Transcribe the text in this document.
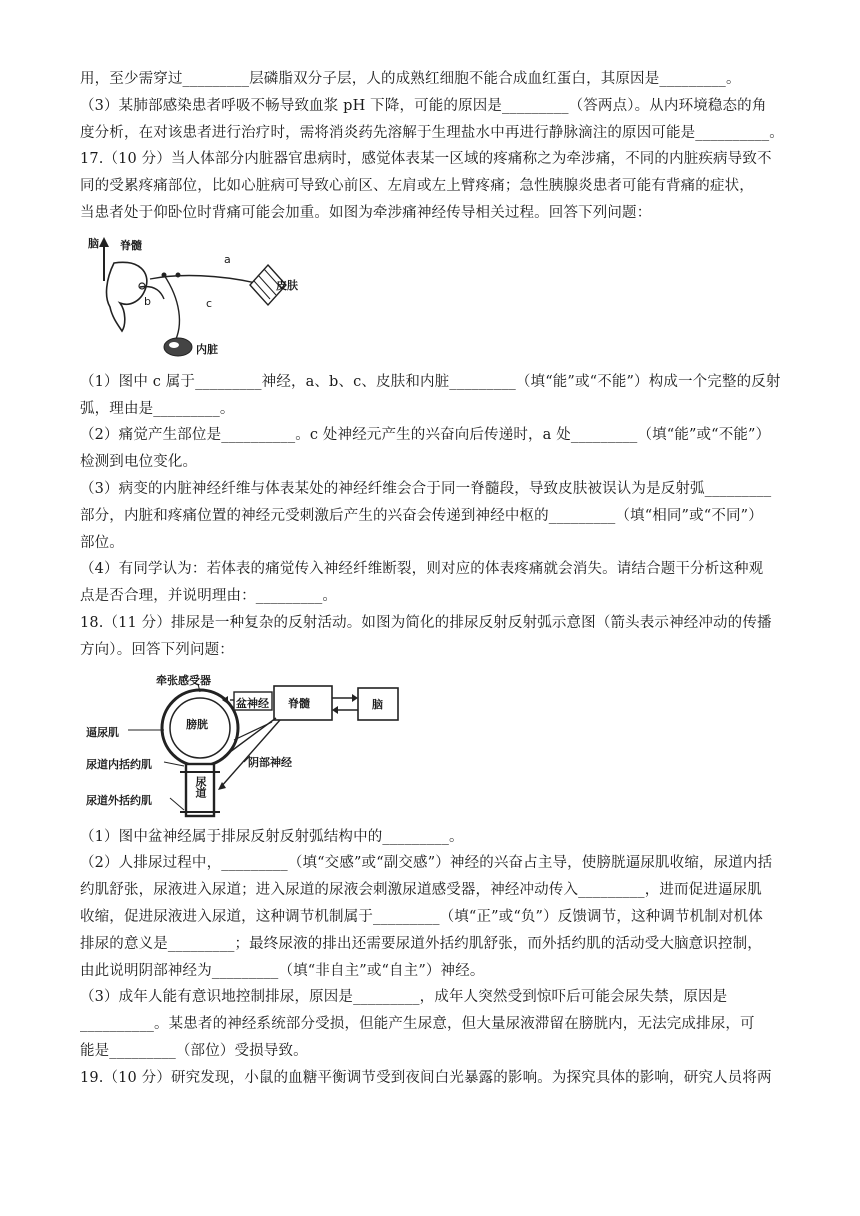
用，至少需穿过_________层磷脂双分子层，人的成熟红细胞不能合成血红蛋白，其原因是_________。
（3）某肺部感染患者呼吸不畅导致血浆 pH 下降，可能的原因是_________（答两点）。从内环境稳态的角
度分析，在对该患者进行治疗时，需将消炎药先溶解于生理盐水中再进行静脉滴注的原因可能是__________。
17.（10 分）当人体部分内脏器官患病时，感觉体表某一区域的疼痛称之为牵涉痛，不同的内脏疾病导致不
同的受累疼痛部位，比如心脏病可导致心前区、左肩或左上臂疼痛；急性胰腺炎患者可能有背痛的症状，
当患者处于仰卧位时背痛可能会加重。如图为牵涉痛神经传导相关过程。回答下列问题：
脑 脊髓
a
b	c
皮肤
内脏
（1）图中 c 属于_________神经，a、b、c、皮肤和内脏_________（填“能”或“不能”）构成一个完整的反射
弧，理由是_________。
（2）痛觉产生部位是__________。c 处神经元产生的兴奋向后传递时，a 处_________（填“能”或“不能”）
检测到电位变化。
（3）病变的内脏神经纤维与体表某处的神经纤维会合于同一脊髓段，导致皮肤被误认为是反射弧_________
部分，内脏和疼痛位置的神经元受刺激后产生的兴奋会传递到神经中枢的_________（填“相同”或“不同”）
部位。
（4）有同学认为：若体表的痛觉传入神经纤维断裂，则对应的体表疼痛就会消失。请结合题干分析这种观
点是否合理，并说明理由：_________。
18.（11 分）排尿是一种复杂的反射活动。如图为简化的排尿反射反射弧示意图（箭头表示神经冲动的传播
方向）。回答下列问题：
牵张感受器
盆神经 脊髓	脑
膀胱
逼尿肌
尿道内括约肌
尿道
阴部神经
尿道外括约肌
（1）图中盆神经属于排尿反射反射弧结构中的_________。
（2）人排尿过程中，_________（填“交感”或“副交感”）神经的兴奋占主导，使膀胱逼尿肌收缩，尿道内括
约肌舒张，尿液进入尿道；进入尿道的尿液会刺激尿道感受器，神经冲动传入_________，进而促进逼尿肌
收缩，促进尿液进入尿道，这种调节机制属于_________（填“正”或“负”）反馈调节，这种调节机制对机体
排尿的意义是_________；最终尿液的排出还需要尿道外括约肌舒张，而外括约肌的活动受大脑意识控制，
由此说明阴部神经为_________（填“非自主”或“自主”）神经。
（3）成年人能有意识地控制排尿，原因是_________，成年人突然受到惊吓后可能会尿失禁，原因是
__________。某患者的神经系统部分受损，但能产生尿意，但大量尿液滞留在膀胱内，无法完成排尿，可
能是_________（部位）受损导致。
19.（10 分）研究发现，小鼠的血糖平衡调节受到夜间白光暴露的影响。为探究具体的影响，研究人员将两
